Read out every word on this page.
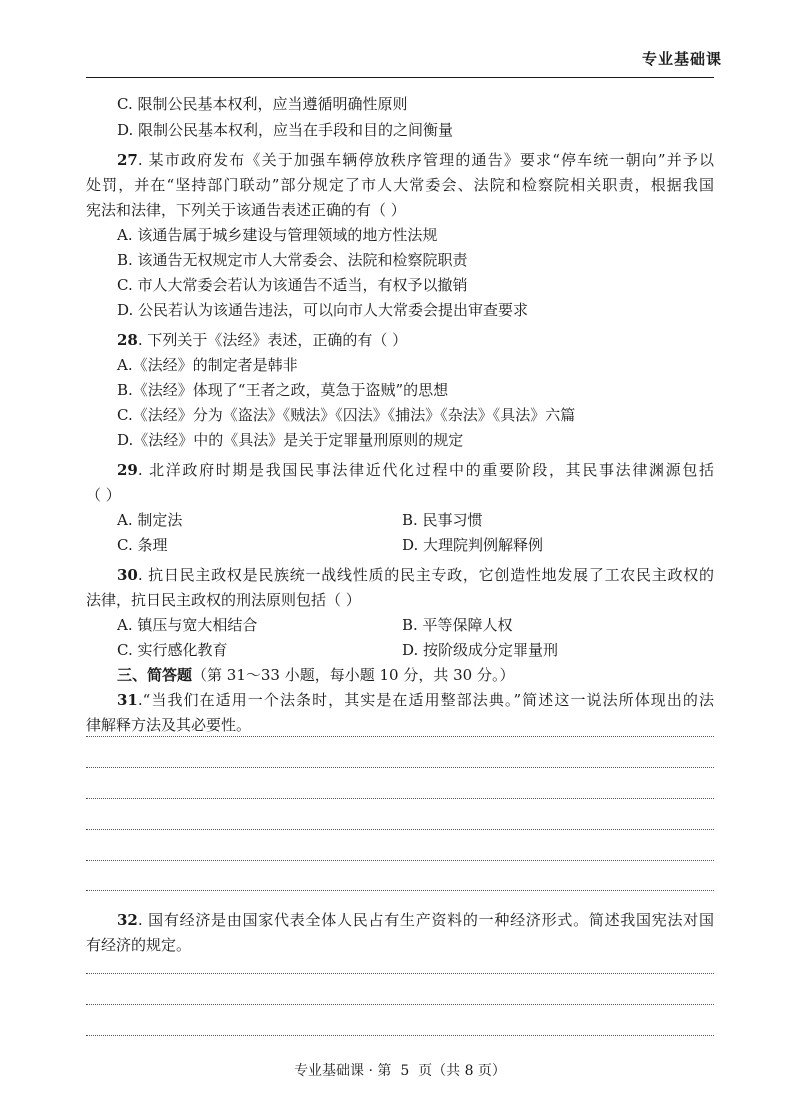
专业基础课
C. 限制公民基本权利，应当遵循明确性原则
D. 限制公民基本权利，应当在手段和目的之间衡量
27. 某市政府发布《关于加强车辆停放秩序管理的通告》要求“停车统一朝向”并予以
处罚，并在“坚持部门联动”部分规定了市人大常委会、法院和检察院相关职责，根据我国
宪法和法律，下列关于该通告表述正确的有（ ）
A. 该通告属于城乡建设与管理领域的地方性法规
B. 该通告无权规定市人大常委会、法院和检察院职责
C. 市人大常委会若认为该通告不适当，有权予以撤销
D. 公民若认为该通告违法，可以向市人大常委会提出审查要求
28. 下列关于《法经》表述，正确的有（ ）
A.《法经》的制定者是韩非
B.《法经》体现了“王者之政，莫急于盗贼”的思想
C.《法经》分为《盗法》《贼法》《囚法》《捕法》《杂法》《具法》六篇
D.《法经》中的《具法》是关于定罪量刑原则的规定
29. 北洋政府时期是我国民事法律近代化过程中的重要阶段，其民事法律渊源包括
（ ）
A. 制定法	B. 民事习惯
C. 条理	D. 大理院判例解释例
30. 抗日民主政权是民族统一战线性质的民主专政，它创造性地发展了工农民主政权的
法律，抗日民主政权的刑法原则包括（ ）
A. 镇压与宽大相结合	B. 平等保障人权
C. 实行感化教育	D. 按阶级成分定罪量刑
三、简答题（第 31～33 小题，每小题 10 分，共 30 分。）
31.“当我们在适用一个法条时，其实是在适用整部法典。”简述这一说法所体现出的法
律解释方法及其必要性。
32. 国有经济是由国家代表全体人民占有生产资料的一种经济形式。简述我国宪法对国
有经济的规定。
专业基础课 · 第  5  页（共 8 页）
